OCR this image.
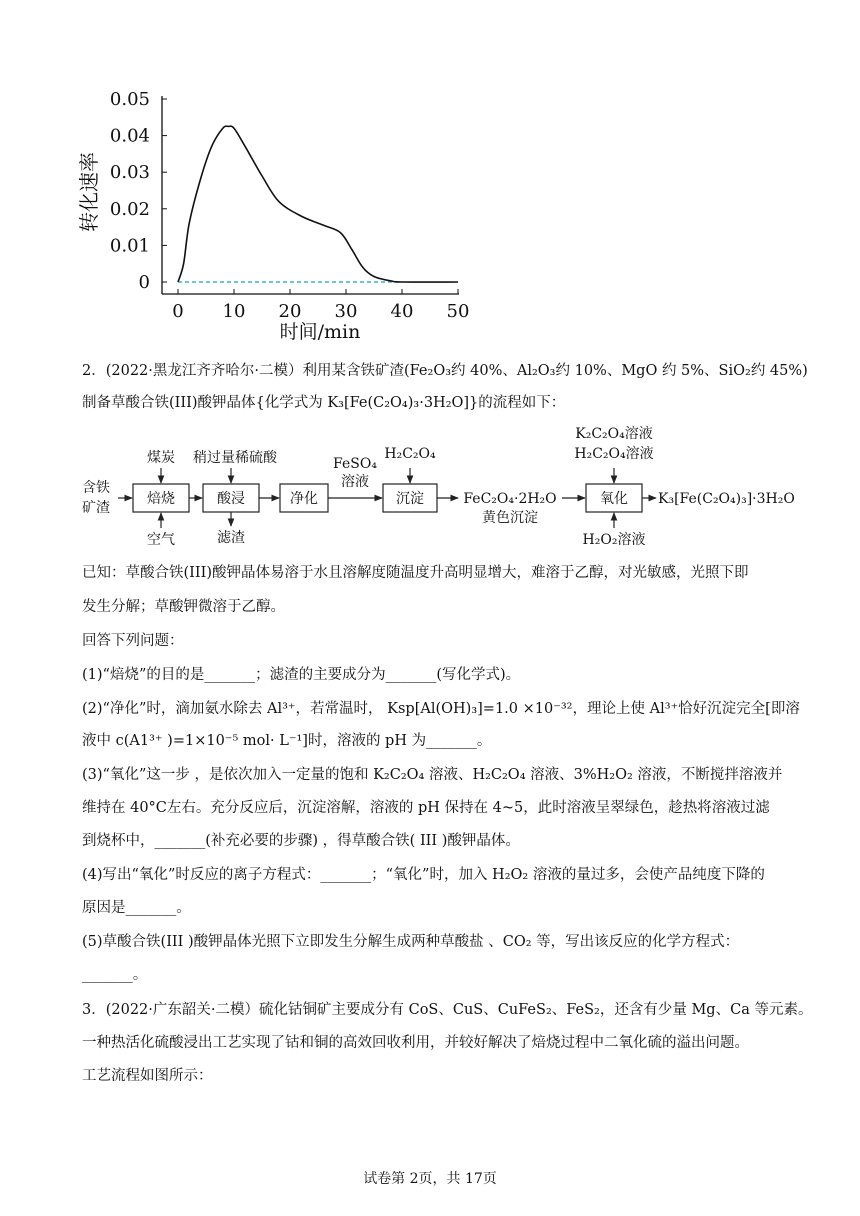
0
0.01
0.02
0.03
0.04
0.05
0 10 20 30 40 50
时间/min
转化速率
2．(2022·黑龙江齐齐哈尔·二模）利用某含铁矿渣(Fe₂O₃约 40%、Al₂O₃约 10%、MgO 约 5%、SiO₂约 45%)
制备草酸合铁(III)酸钾晶体{化学式为 K₃[Fe(C₂O₄)₃·3H₂O]}的流程如下：
含铁
矿渣
焙烧	酸浸	净化	沉淀	氧化
煤炭
空气
稍过量稀硫酸
滤渣
FeSO₄
溶液
H₂C₂O₄
FeC₂O₄·2H₂O
黄色沉淀
K₂C₂O₄溶液
H₂C₂O₄溶液
H₂O₂溶液
K₃[Fe(C₂O₄)₃]·3H₂O
已知：草酸合铁(III)酸钾晶体易溶于水且溶解度随温度升高明显增大，难溶于乙醇，对光敏感，光照下即
发生分解；草酸钾微溶于乙醇。
回答下列问题：
(1)“焙烧”的目的是_______；滤渣的主要成分为_______(写化学式)。
(2)“净化”时，滴加氨水除去 Al³⁺，若常温时， Ksp[Al(OH)₃]=1.0 ×10⁻³²，理论上使 Al³⁺恰好沉淀完全[即溶
液中 c(A1³⁺ )=1×10⁻⁵ mol· L⁻¹]时，溶液的 pH 为_______。
(3)“氧化”这一步 ，是依次加入一定量的饱和 K₂C₂O₄ 溶液、H₂C₂O₄ 溶液、3%H₂O₂ 溶液，不断搅拌溶液并
维持在 40°C左右。充分反应后，沉淀溶解，溶液的 pH 保持在 4~5，此时溶液呈翠绿色，趁热将溶液过滤
到烧杯中，_______(补充必要的步骤) ，得草酸合铁( III )酸钾晶体。
(4)写出“氧化”时反应的离子方程式：_______；“氧化”时，加入 H₂O₂ 溶液的量过多，会使产品纯度下降的
原因是_______。
(5)草酸合铁(III )酸钾晶体光照下立即发生分解生成两种草酸盐 、CO₂ 等，写出该反应的化学方程式：
_______。
3．(2022·广东韶关·二模）硫化钴铜矿主要成分有 CoS、CuS、CuFeS₂、FeS₂，还含有少量 Mg、Ca 等元素。
一种热活化硫酸浸出工艺实现了钴和铜的高效回收利用，并较好解决了焙烧过程中二氧化硫的溢出问题。
工艺流程如图所示：
试卷第 2页，共 17页
